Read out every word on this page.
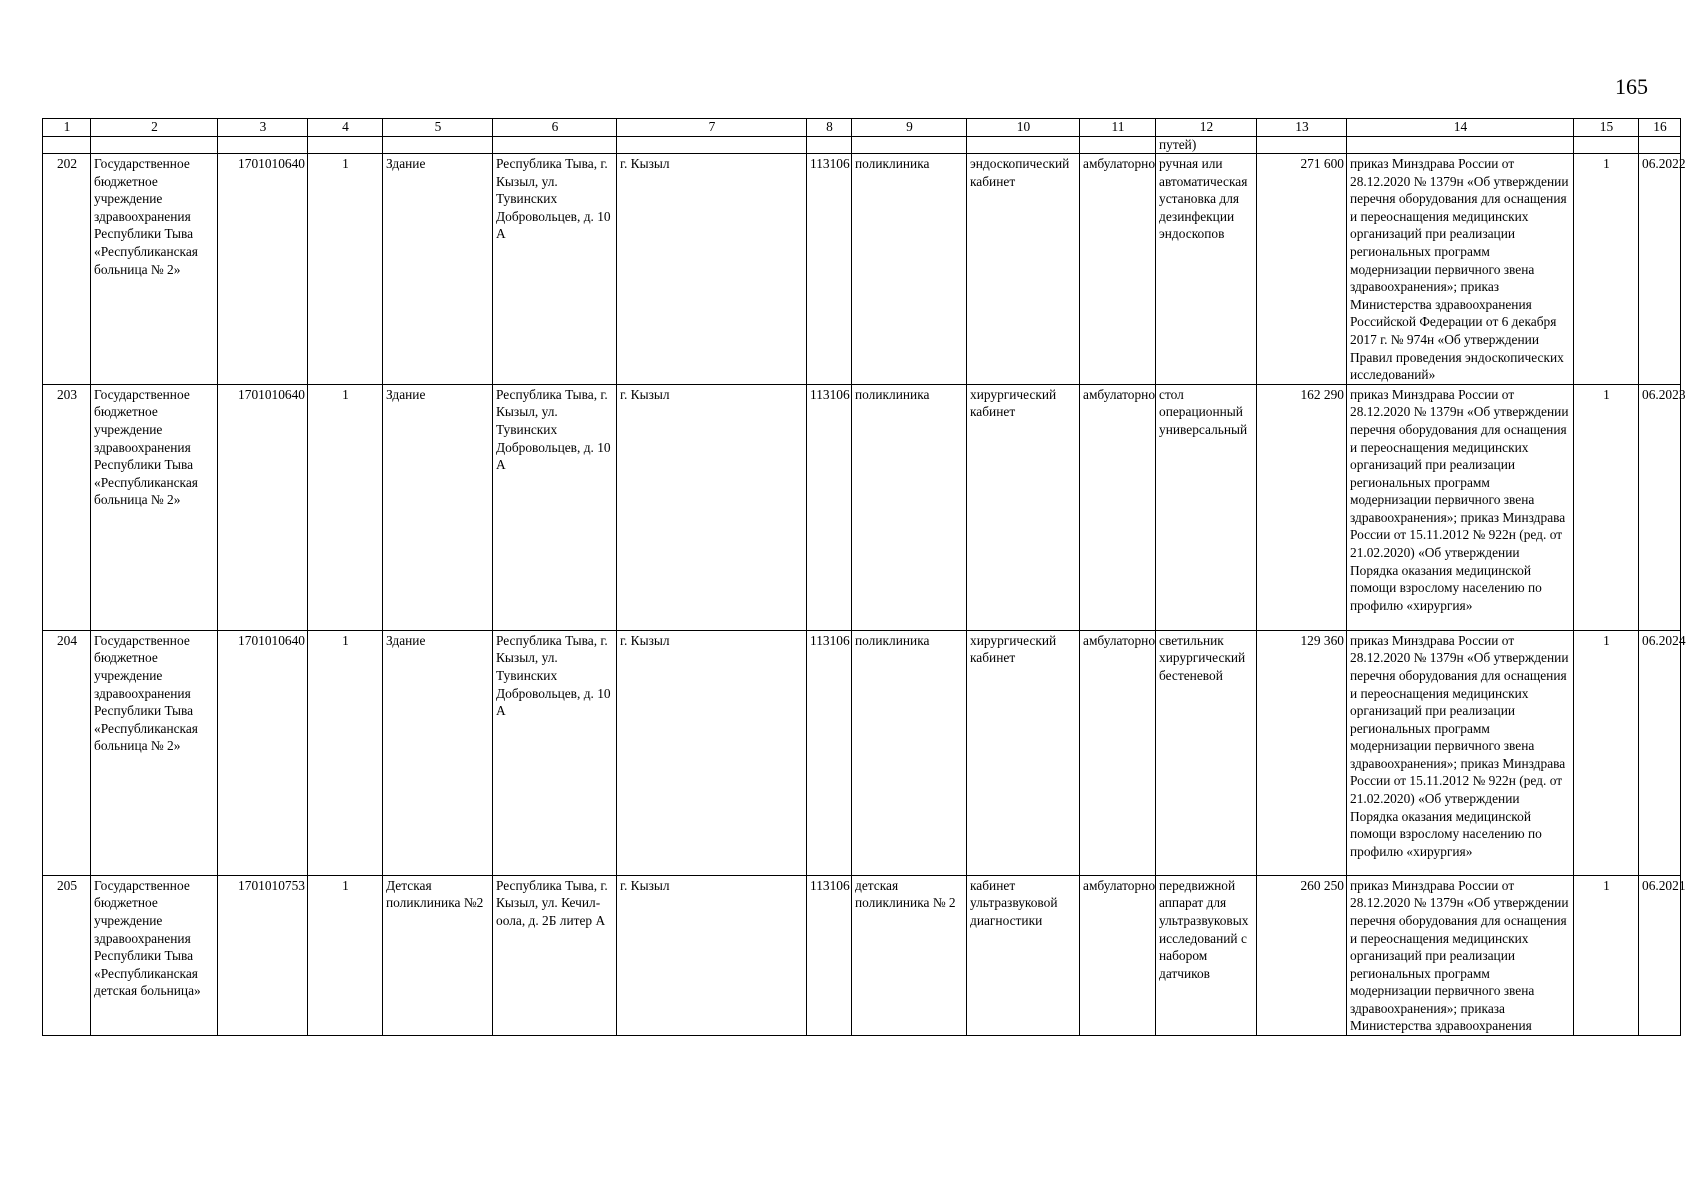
165
1	2	3	4	5	6	7	8	9	10	11	12	13	14	15	16
											путей)				
202	Государственное бюджетное учреждение здравоохранения Республики Тыва «Республиканская больница № 2»	1701010640	1	Здание	Республика Тыва, г. Кызыл, ул. Тувинских Добровольцев, д. 10 А	г. Кызыл	113106	поликлиника	эндоскопический кабинет	амбулаторно	ручная или автоматическая установка для дезинфекции эндоскопов	271 600	приказ Минздрава России от 28.12.2020 № 1379н «Об утверждении перечня оборудования для оснащения и переоснащения медицинских организаций при реализации региональных программ модернизации первичного звена здравоохранения»; приказ Министерства здравоохранения Российской Федерации от 6 декабря 2017 г. № 974н «Об утверждении Правил проведения эндоскопических исследований»	1	06.2022
203	Государственное бюджетное учреждение здравоохранения Республики Тыва «Республиканская больница № 2»	1701010640	1	Здание	Республика Тыва, г. Кызыл, ул. Тувинских Добровольцев, д. 10 А	г. Кызыл	113106	поликлиника	хирургический кабинет	амбулаторно	стол операционный универсальный	162 290	приказ Минздрава России от 28.12.2020 № 1379н «Об утверждении перечня оборудования для оснащения и переоснащения медицинских организаций при реализации региональных программ модернизации первичного звена здравоохранения»; приказ Минздрава России от 15.11.2012 № 922н (ред. от 21.02.2020) «Об утверждении Порядка оказания медицинской помощи взрослому населению по профилю «хирургия»	1	06.2023
204	Государственное бюджетное учреждение здравоохранения Республики Тыва «Республиканская больница № 2»	1701010640	1	Здание	Республика Тыва, г. Кызыл, ул. Тувинских Добровольцев, д. 10 А	г. Кызыл	113106	поликлиника	хирургический кабинет	амбулаторно	светильник хирургический бестеневой	129 360	приказ Минздрава России от 28.12.2020 № 1379н «Об утверждении перечня оборудования для оснащения и переоснащения медицинских организаций при реализации региональных программ модернизации первичного звена здравоохранения»; приказ Минздрава России от 15.11.2012 № 922н (ред. от 21.02.2020) «Об утверждении Порядка оказания медицинской помощи взрослому населению по профилю «хирургия»	1	06.2024
205	Государственное бюджетное учреждение здравоохранения Республики Тыва «Республиканская детская больница»	1701010753	1	Детская поликлиника №2	Республика Тыва, г. Кызыл, ул. Кечил-оола, д. 2Б литер А	г. Кызыл	113106	детская поликлиника № 2	кабинет ультразвуковой диагностики	амбулаторно	передвижной аппарат для ультразвуковых исследований с набором датчиков	260 250	приказ Минздрава России от 28.12.2020 № 1379н «Об утверждении перечня оборудования для оснащения и переоснащения медицинских организаций при реализации региональных программ модернизации первичного звена здравоохранения»; приказа Министерства здравоохранения	1	06.2021
